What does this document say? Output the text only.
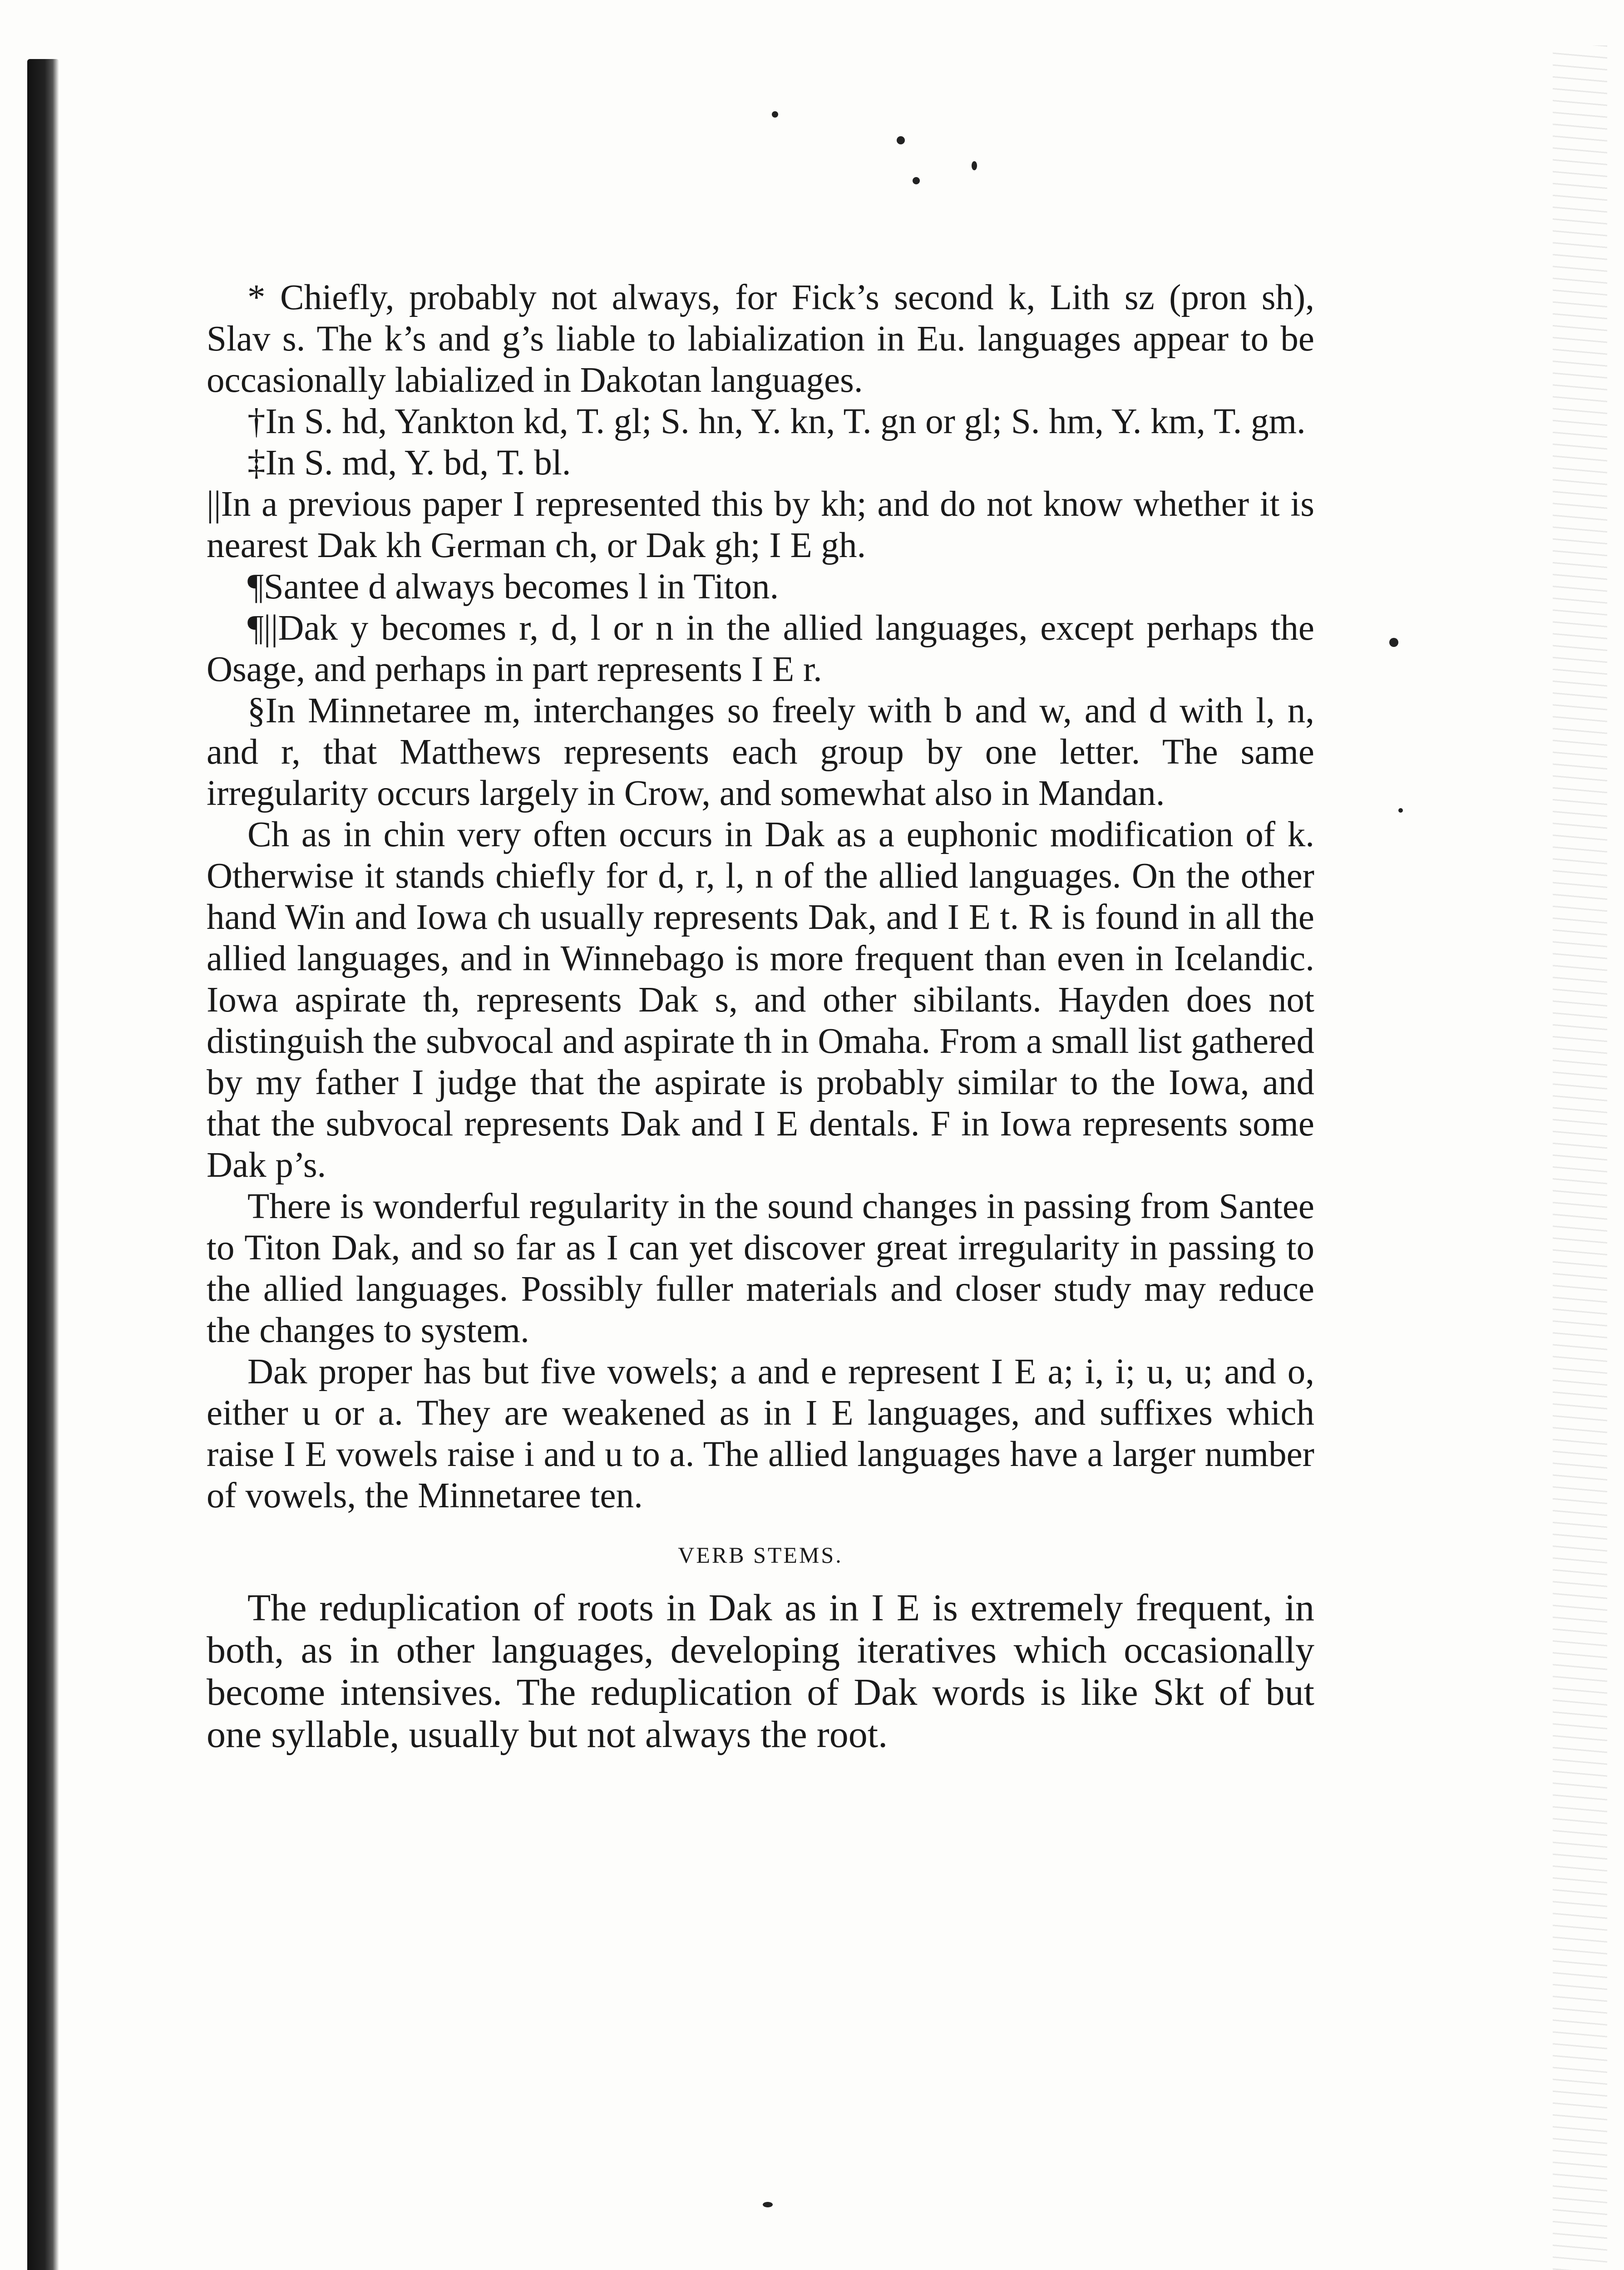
* Chiefly, probably not always, for Fick’s second k, Lith sz (pron sh), Slav s. The k’s and g’s liable to labialization in Eu. languages appear to be occasionally labialized in Dakotan languages.

†In S. hd, Yankton kd, T. gl; S. hn, Y. kn, T. gn or gl; S. hm, Y. km, T. gm.

‡In S. md, Y. bd, T. bl.

||In a previous paper I represented this by kh; and do not know whether it is nearest Dak kh German ch, or Dak gh; I E gh.

¶Santee d always becomes l in Titon.

¶||Dak y becomes r, d, l or n in the allied languages, except perhaps the Osage, and perhaps in part represents I E r.

§In Minnetaree m, interchanges so freely with b and w, and d with l, n, and r, that Matthews represents each group by one letter. The same irregularity occurs largely in Crow, and somewhat also in Mandan.

Ch as in chin very often occurs in Dak as a euphonic modification of k. Otherwise it stands chiefly for d, r, l, n of the allied languages. On the other hand Win and Iowa ch usually represents Dak, and I E t. R is found in all the allied languages, and in Winnebago is more frequent than even in Icelandic. Iowa aspirate th, represents Dak s, and other sibilants. Hayden does not distinguish the subvocal and aspirate th in Omaha. From a small list gathered by my father I judge that the aspirate is probably similar to the Iowa, and that the subvocal represents Dak and I E dentals. F in Iowa represents some Dak p’s.

There is wonderful regularity in the sound changes in passing from Santee to Titon Dak, and so far as I can yet discover great irregularity in passing to the allied languages. Possibly fuller materials and closer study may reduce the changes to system.

Dak proper has but five vowels; a and e represent I E a; i, i; u, u; and o, either u or a. They are weakened as in I E languages, and suffixes which raise I E vowels raise i and u to a. The allied languages have a larger number of vowels, the Minnetaree ten.

VERB STEMS.

The reduplication of roots in Dak as in I E is extremely frequent, in both, as in other languages, developing iteratives which occasionally become intensives. The reduplication of Dak words is like Skt of but one syllable, usually but not always the root.
